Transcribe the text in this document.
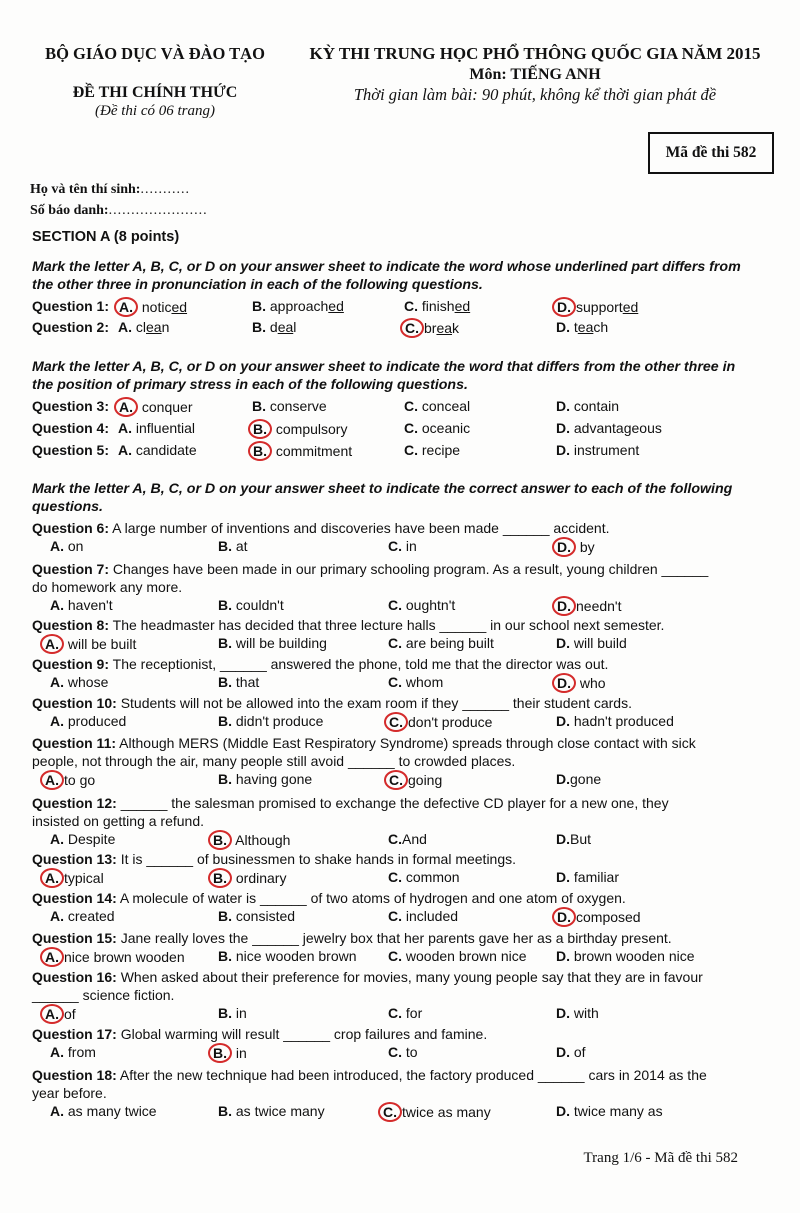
BỘ GIÁO DỤC VÀ ĐÀO TẠO
ĐỀ THI CHÍNH THỨC
(Đề thi có 06 trang)
KỲ THI TRUNG HỌC PHỔ THÔNG QUỐC GIA NĂM 2015
Môn: TIẾNG ANH
Thời gian làm bài: 90 phút, không kể thời gian phát đề
Mã đề thi 582
Họ và tên thí sinh:...........
Số báo danh:......................
SECTION A (8 points)
Mark the letter A, B, C, or D on your answer sheet to indicate the word whose underlined part differs from the other three in pronunciation in each of the following questions.
Question 1: A. noticed	B. approached	C. finished	D. supported
Question 2: A. clean	B. deal	C. break	D. teach
Mark the letter A, B, C, or D on your answer sheet to indicate the word that differs from the other three in the position of primary stress in each of the following questions.
Question 3: A. conquer	B. conserve	C. conceal	D. contain
Question 4: A. influential	B. compulsory	C. oceanic	D. advantageous
Question 5: A. candidate	B. commitment	C. recipe	D. instrument
Mark the letter A, B, C, or D on your answer sheet to indicate the correct answer to each of the following questions.
Question 6: A large number of inventions and discoveries have been made ______ accident.
A. on	B. at	C. in	D. by
Question 7: Changes have been made in our primary schooling program. As a result, young children ______
do homework any more.
A. haven't	B. couldn't	C. oughtn't	D. needn't
Question 8: The headmaster has decided that three lecture halls ______ in our school next semester.
A. will be built	B. will be building	C. are being built	D. will build
Question 9: The receptionist, ______ answered the phone, told me that the director was out.
A. whose	B. that	C. whom	D. who
Question 10: Students will not be allowed into the exam room if they ______ their student cards.
A. produced	B. didn't produce	C. don't produce	D. hadn't produced
Question 11: Although MERS (Middle East Respiratory Syndrome) spreads through close contact with sick
people, not through the air, many people still avoid ______ to crowded places.
A. to go	B. having gone	C. going	D.gone
Question 12: ______ the salesman promised to exchange the defective CD player for a new one, they
insisted on getting a refund.
A. Despite	B. Although	C.And	D.But
Question 13: It is ______ of businessmen to shake hands in formal meetings.
A. typical	B. ordinary	C. common	D. familiar
Question 14: A molecule of water is ______ of two atoms of hydrogen and one atom of oxygen.
A. created	B. consisted	C. included	D. composed
Question 15: Jane really loves the ______ jewelry box that her parents gave her as a birthday present.
A. nice brown wooden B. nice wooden brown C. wooden brown nice D. brown wooden nice
Question 16: When asked about their preference for movies, many young people say that they are in favour
______ science fiction.
A. of	B. in	C. for	D. with
Question 17: Global warming will result ______ crop failures and famine.
A. from	B. in	C. to	D. of
Question 18: After the new technique had been introduced, the factory produced ______ cars in 2014 as the
year before.
A. as many twice	B. as twice many	C. twice as many	D. twice many as
Trang 1/6 - Mã đề thi 582
